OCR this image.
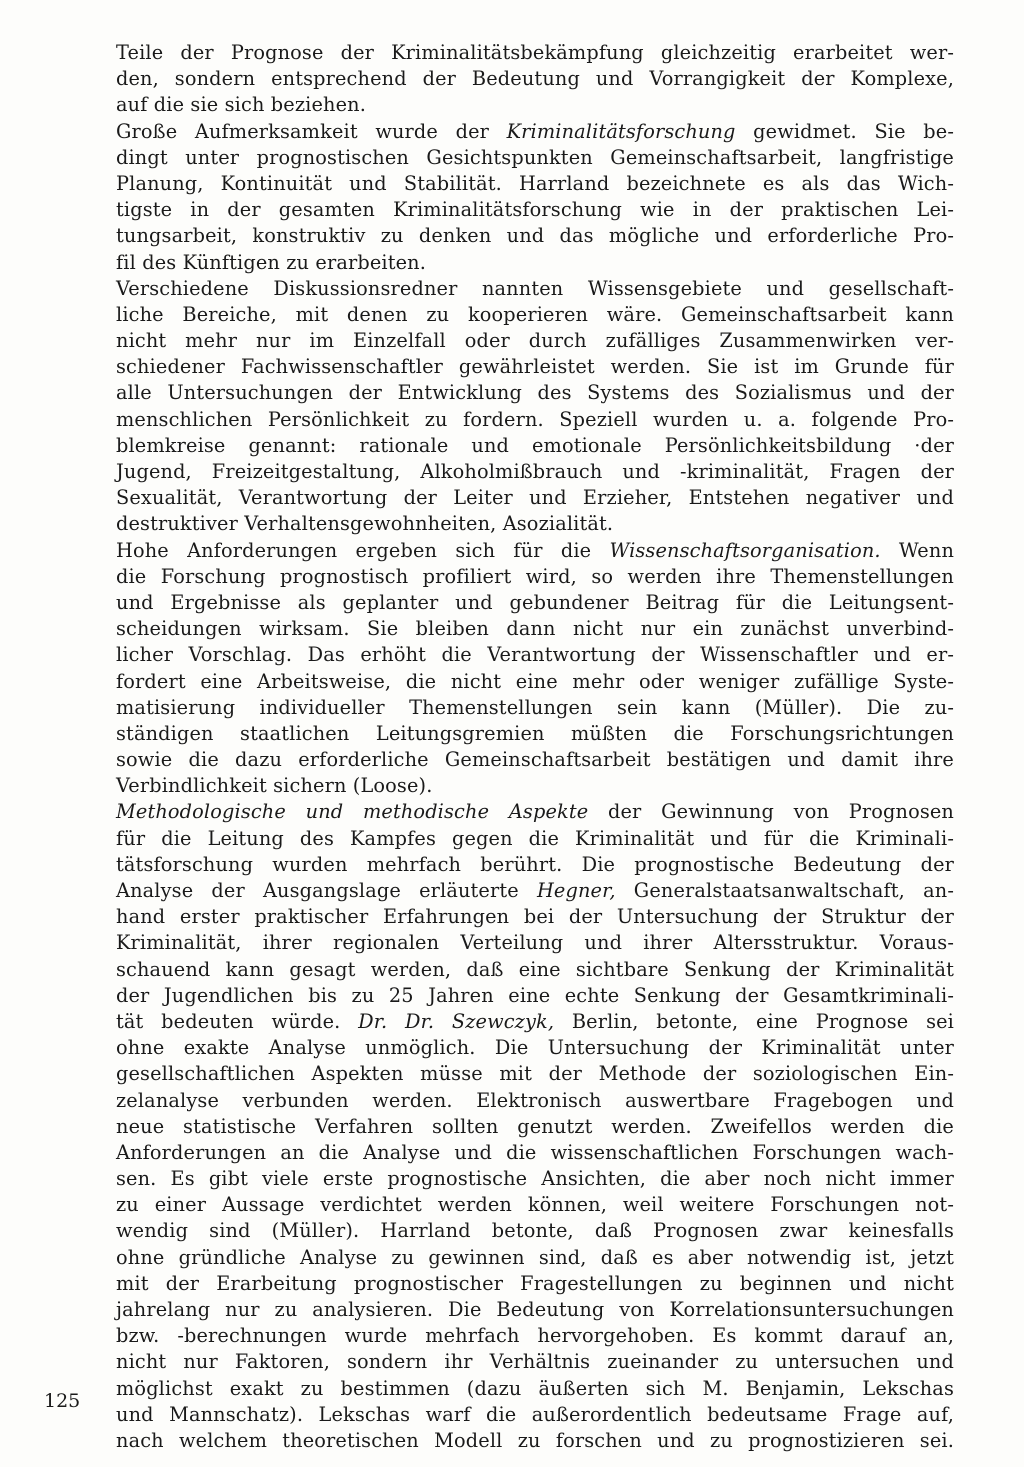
Teile der Prognose der Kriminalitätsbekämpfung gleichzeitig erarbeitet wer-
den, sondern entsprechend der Bedeutung und Vorrangigkeit der Komplexe,
auf die sie sich beziehen.
Große Aufmerksamkeit wurde der Kriminalitätsforschung gewidmet. Sie be-
dingt unter prognostischen Gesichtspunkten Gemeinschaftsarbeit, langfristige
Planung, Kontinuität und Stabilität. Harrland bezeichnete es als das Wich-
tigste in der gesamten Kriminalitätsforschung wie in der praktischen Lei-
tungsarbeit, konstruktiv zu denken und das mögliche und erforderliche Pro-
fil des Künftigen zu erarbeiten.
Verschiedene Diskussionsredner nannten Wissensgebiete und gesellschaft-
liche Bereiche, mit denen zu kooperieren wäre. Gemeinschaftsarbeit kann
nicht mehr nur im Einzelfall oder durch zufälliges Zusammenwirken ver-
schiedener Fachwissenschaftler gewährleistet werden. Sie ist im Grunde für
alle Untersuchungen der Entwicklung des Systems des Sozialismus und der
menschlichen Persönlichkeit zu fordern. Speziell wurden u. a. folgende Pro-
blemkreise genannt: rationale und emotionale Persönlichkeitsbildung ·der
Jugend, Freizeitgestaltung, Alkoholmißbrauch und -kriminalität, Fragen der
Sexualität, Verantwortung der Leiter und Erzieher, Entstehen negativer und
destruktiver Verhaltensgewohnheiten, Asozialität.
Hohe Anforderungen ergeben sich für die Wissenschaftsorganisation. Wenn
die Forschung prognostisch profiliert wird, so werden ihre Themenstellungen
und Ergebnisse als geplanter und gebundener Beitrag für die Leitungsent-
scheidungen wirksam. Sie bleiben dann nicht nur ein zunächst unverbind-
licher Vorschlag. Das erhöht die Verantwortung der Wissenschaftler und er-
fordert eine Arbeitsweise, die nicht eine mehr oder weniger zufällige Syste-
matisierung individueller Themenstellungen sein kann (Müller). Die zu-
ständigen staatlichen Leitungsgremien müßten die Forschungsrichtungen
sowie die dazu erforderliche Gemeinschaftsarbeit bestätigen und damit ihre
Verbindlichkeit sichern (Loose).
Methodologische und methodische Aspekte der Gewinnung von Prognosen
für die Leitung des Kampfes gegen die Kriminalität und für die Kriminali-
tätsforschung wurden mehrfach berührt. Die prognostische Bedeutung der
Analyse der Ausgangslage erläuterte Hegner, Generalstaatsanwaltschaft, an-
hand erster praktischer Erfahrungen bei der Untersuchung der Struktur der
Kriminalität, ihrer regionalen Verteilung und ihrer Altersstruktur. Voraus-
schauend kann gesagt werden, daß eine sichtbare Senkung der Kriminalität
der Jugendlichen bis zu 25 Jahren eine echte Senkung der Gesamtkriminali-
tät bedeuten würde. Dr. Dr. Szewczyk, Berlin, betonte, eine Prognose sei
ohne exakte Analyse unmöglich. Die Untersuchung der Kriminalität unter
gesellschaftlichen Aspekten müsse mit der Methode der soziologischen Ein-
zelanalyse verbunden werden. Elektronisch auswertbare Fragebogen und
neue statistische Verfahren sollten genutzt werden. Zweifellos werden die
Anforderungen an die Analyse und die wissenschaftlichen Forschungen wach-
sen. Es gibt viele erste prognostische Ansichten, die aber noch nicht immer
zu einer Aussage verdichtet werden können, weil weitere Forschungen not-
wendig sind (Müller). Harrland betonte, daß Prognosen zwar keinesfalls
ohne gründliche Analyse zu gewinnen sind, daß es aber notwendig ist, jetzt
mit der Erarbeitung prognostischer Fragestellungen zu beginnen und nicht
jahrelang nur zu analysieren. Die Bedeutung von Korrelationsuntersuchungen
bzw. -berechnungen wurde mehrfach hervorgehoben. Es kommt darauf an,
nicht nur Faktoren, sondern ihr Verhältnis zueinander zu untersuchen und
möglichst exakt zu bestimmen (dazu äußerten sich M. Benjamin, Lekschas
und Mannschatz). Lekschas warf die außerordentlich bedeutsame Frage auf,
nach welchem theoretischen Modell zu forschen und zu prognostizieren sei.
125
